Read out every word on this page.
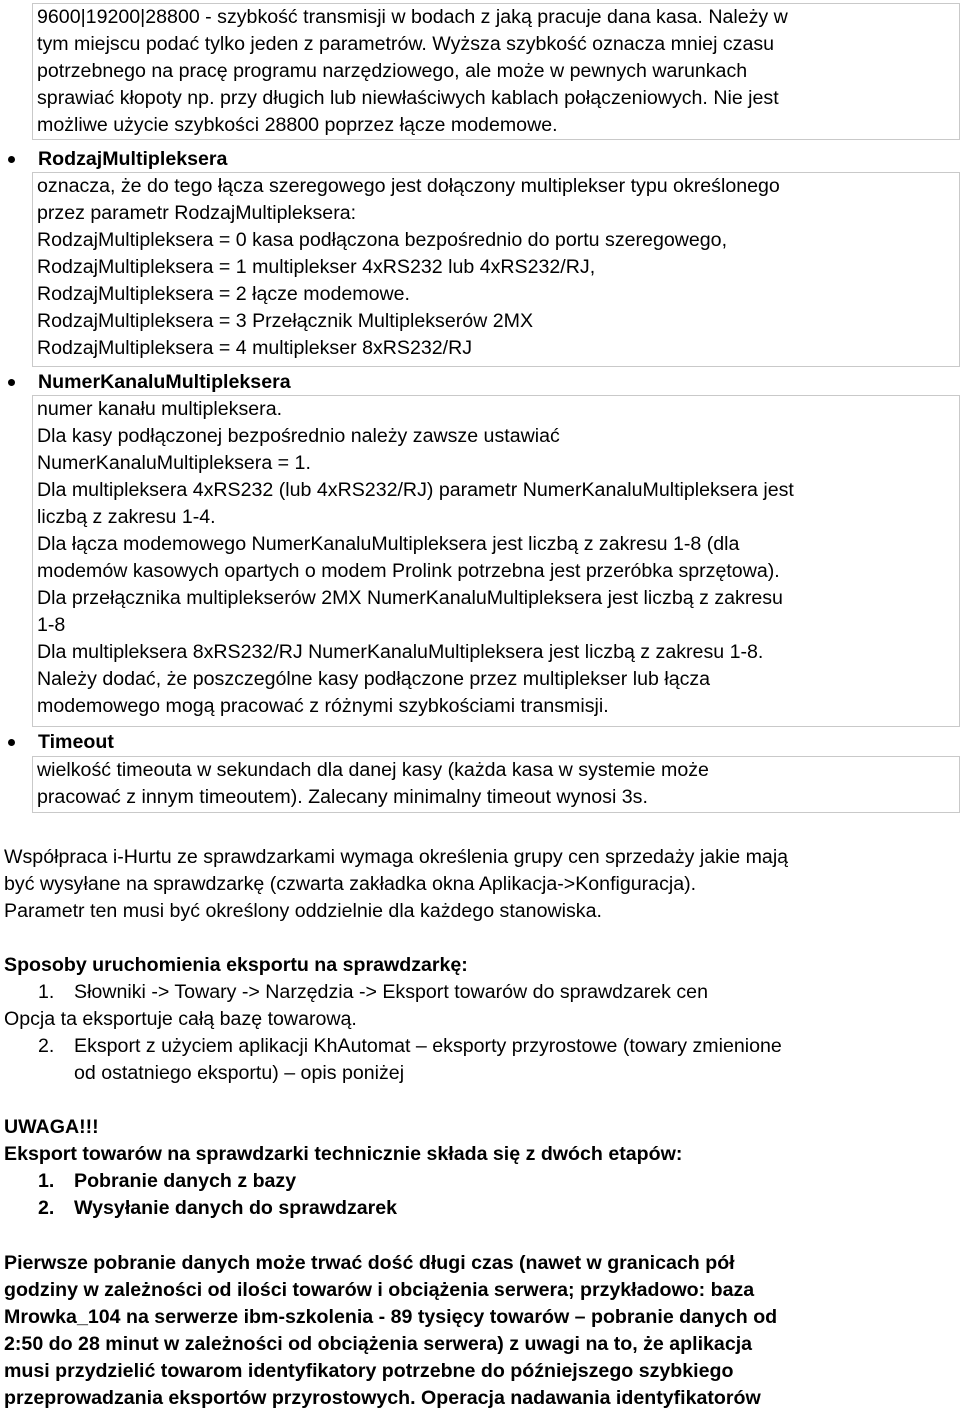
9600|19200|28800 - szybkość transmisji w bodach z jaką pracuje dana kasa. Należy w
tym miejscu podać tylko jeden z parametrów. Wyższa szybkość oznacza mniej czasu
potrzebnego na pracę programu narzędziowego, ale może w pewnych warunkach
sprawiać kłopoty np. przy długich lub niewłaściwych kablach połączeniowych. Nie jest
możliwe użycie szybkości 28800 poprzez łącze modemowe.
RodzajMultipleksera
oznacza, że do tego łącza szeregowego jest dołączony multiplekser typu określonego
przez parametr RodzajMultipleksera:
RodzajMultipleksera = 0 kasa podłączona bezpośrednio do portu szeregowego,
RodzajMultipleksera = 1 multiplekser 4xRS232 lub 4xRS232/RJ,
RodzajMultipleksera = 2 łącze modemowe.
RodzajMultipleksera = 3 Przełącznik Multiplekserów 2MX
RodzajMultipleksera = 4 multiplekser 8xRS232/RJ
NumerKanaluMultipleksera
numer kanału multipleksera.
Dla kasy podłączonej bezpośrednio należy zawsze ustawiać
NumerKanaluMultipleksera = 1.
Dla multipleksera 4xRS232 (lub 4xRS232/RJ) parametr NumerKanaluMultipleksera jest
liczbą z zakresu 1-4.
Dla łącza modemowego NumerKanaluMultipleksera jest liczbą z zakresu 1-8 (dla
modemów kasowych opartych o modem Prolink potrzebna jest przeróbka sprzętowa).
Dla przełącznika multiplekserów 2MX NumerKanaluMultipleksera jest liczbą z zakresu
1-8
Dla multipleksera 8xRS232/RJ NumerKanaluMultipleksera jest liczbą z zakresu 1-8.
Należy dodać, że poszczególne kasy podłączone przez multiplekser lub łącza
modemowego mogą pracować z różnymi szybkościami transmisji.
Timeout
wielkość timeouta w sekundach dla danej kasy (każda kasa w systemie może
pracować z innym timeoutem). Zalecany minimalny timeout wynosi 3s.
Współpraca i-Hurtu ze sprawdzarkami wymaga określenia grupy cen sprzedaży jakie mają
być wysyłane na sprawdzarkę (czwarta zakładka okna Aplikacja->Konfiguracja).
Parametr ten musi być określony oddzielnie dla każdego stanowiska.
Sposoby uruchomienia eksportu na sprawdzarkę:
1. Słowniki -> Towary -> Narzędzia -> Eksport towarów do sprawdzarek cen
Opcja ta eksportuje całą bazę towarową.
2. Eksport z użyciem aplikacji KhAutomat – eksporty przyrostowe (towary zmienione
od ostatniego eksportu) – opis poniżej
UWAGA!!!
Eksport towarów na sprawdzarki technicznie składa się z dwóch etapów:
1. Pobranie danych z bazy
2. Wysyłanie danych do sprawdzarek
Pierwsze pobranie danych może trwać dość długi czas (nawet w granicach pół
godziny w zależności od ilości towarów i obciążenia serwera; przykładowo: baza
Mrowka_104 na serwerze ibm-szkolenia - 89 tysięcy towarów – pobranie danych od
2:50 do 28 minut w zależności od obciążenia serwera) z uwagi na to, że aplikacja
musi przydzielić towarom identyfikatory potrzebne do późniejszego szybkiego
przeprowadzania eksportów przyrostowych. Operacja nadawania identyfikatorów
